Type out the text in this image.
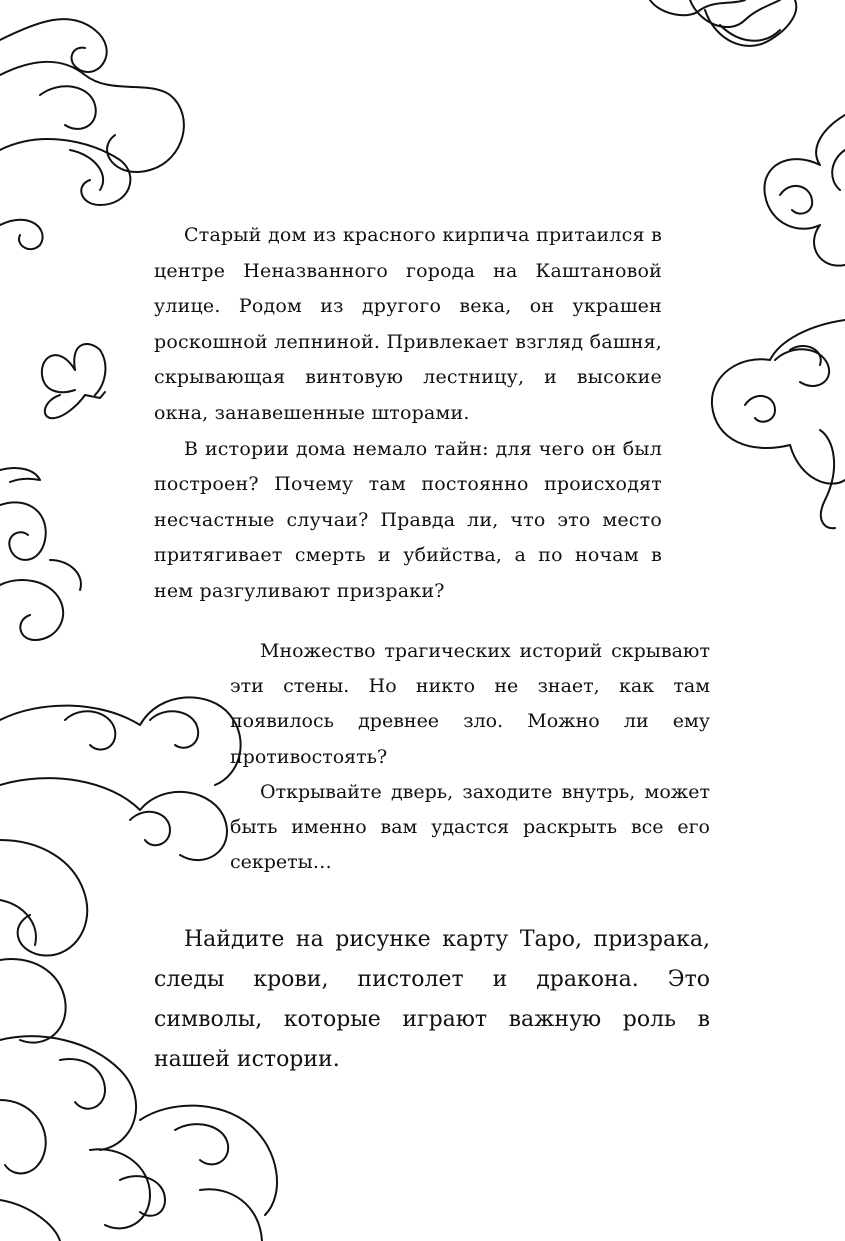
Старый дом из красного кирпича притаился в центре Неназванного города на Каштановой улице. Родом из другого века, он украшен роскошной лепниной. Привлекает взгляд башня, скрывающая винтовую лестницу, и высокие окна, занавешенные шторами.

В истории дома немало тайн: для чего он был построен? Почему там постоянно происходят несчастные случаи? Правда ли, что это место притягивает смерть и убийства, а по ночам в нем разгуливают призраки?

Множество трагических историй скрывают эти стены. Но никто не знает, как там появилось древнее зло. Можно ли ему противостоять?

Открывайте дверь, заходите внутрь, может быть именно вам удастся раскрыть все его секреты…

Найдите на рисунке карту Таро, призрака, следы крови, пистолет и дракона. Это символы, которые играют важную роль в нашей истории.
